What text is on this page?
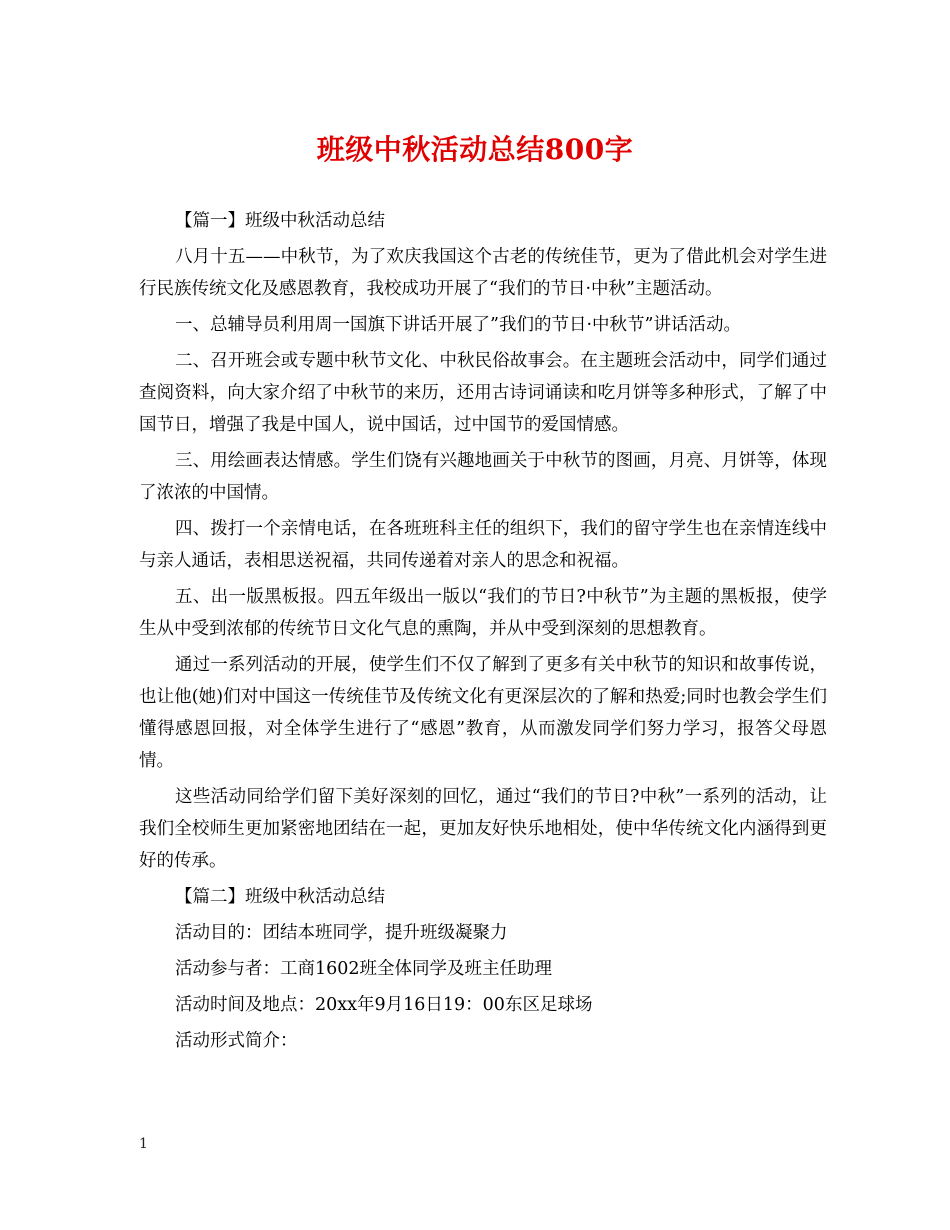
班级中秋活动总结800字

【篇一】班级中秋活动总结

八月十五——中秋节，为了欢庆我国这个古老的传统佳节，更为了借此机会对学生进行民族传统文化及感恩教育，我校成功开展了“我们的节日·中秋”主题活动。

一、总辅导员利用周一国旗下讲话开展了”我们的节日·中秋节”讲话活动。

二、召开班会或专题中秋节文化、中秋民俗故事会。在主题班会活动中，同学们通过查阅资料，向大家介绍了中秋节的来历，还用古诗词诵读和吃月饼等多种形式，了解了中国节日，增强了我是中国人，说中国话，过中国节的爱国情感。

三、用绘画表达情感。学生们饶有兴趣地画关于中秋节的图画，月亮、月饼等，体现了浓浓的中国情。

四、拨打一个亲情电话，在各班班科主任的组织下，我们的留守学生也在亲情连线中与亲人通话，表相思送祝福，共同传递着对亲人的思念和祝福。

五、出一版黑板报。四五年级出一版以“我们的节日?中秋节”为主题的黑板报，使学生从中受到浓郁的传统节日文化气息的熏陶，并从中受到深刻的思想教育。

通过一系列活动的开展，使学生们不仅了解到了更多有关中秋节的知识和故事传说，也让他(她)们对中国这一传统佳节及传统文化有更深层次的了解和热爱;同时也教会学生们懂得感恩回报，对全体学生进行了“感恩”教育，从而激发同学们努力学习，报答父母恩情。

这些活动同给学们留下美好深刻的回忆，通过“我们的节日?中秋”一系列的活动，让我们全校师生更加紧密地团结在一起，更加友好快乐地相处，使中华传统文化内涵得到更好的传承。

【篇二】班级中秋活动总结

活动目的：团结本班同学，提升班级凝聚力

活动参与者：工商1602班全体同学及班主任助理

活动时间及地点：20xx年9月16日19：00东区足球场

活动形式简介：

1
